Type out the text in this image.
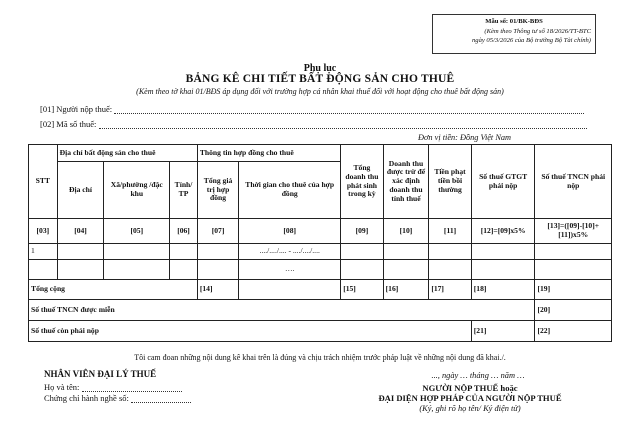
Mẫu số: 01/BK-BĐS
(Kèm theo Thông tư số 18/2026/TT-BTC
ngày 05/3/2026 của Bộ trưởng Bộ Tài chính)
Phụ lục
BẢNG KÊ CHI TIẾT BẤT ĐỘNG SẢN CHO THUÊ
(Kèm theo tờ khai 01/BĐS áp dụng đối với trường hợp cá nhân khai thuế đối với hoạt động cho thuê bất động sản)
[01] Người nộp thuế:
[02] Mã số thuế:
Đơn vị tiền: Đồng Việt Nam
STT	Địa chỉ bất động sản cho thuê			Thông tin hợp đồng cho thuê		Tổng doanh thu phát sinh trong kỳ	Doanh thu được trừ để xác định doanh thu tính thuế	Tiền phạt tiền bồi thường	Số thuế GTGT phải nộp	Số thuế TNCN phải nộp
	Địa chỉ	Xã/phường /đặc khu	Tỉnh/ TP	Tổng giá trị hợp đồng	Thời gian cho thuê của hợp đồng					
[03]	[04]	[05]	[06]	[07]	[08]	[09]	[10]	[11]	[12]=[09]x5%	[13]=([09]-[10]+[11])x5%
1					..../..../.... - ..../..../....					
					….					
Tổng cộng				[14]		[15]	[16]	[17]	[18]	[19]
Số thuế TNCN được miễn										[20]
Số thuế còn phải nộp									[21]	[22]
Tôi cam đoan những nội dung kê khai trên là đúng và chịu trách nhiệm trước pháp luật về những nội dung đã khai./.
NHÂN VIÊN ĐẠI LÝ THUẾ
Họ và tên:
Chứng chỉ hành nghề số:
..., ngày … tháng … năm …
NGƯỜI NỘP THUẾ hoặc
ĐẠI DIỆN HỢP PHÁP CỦA NGƯỜI NỘP THUẾ
(Ký, ghi rõ họ tên/ Ký điện tử)
